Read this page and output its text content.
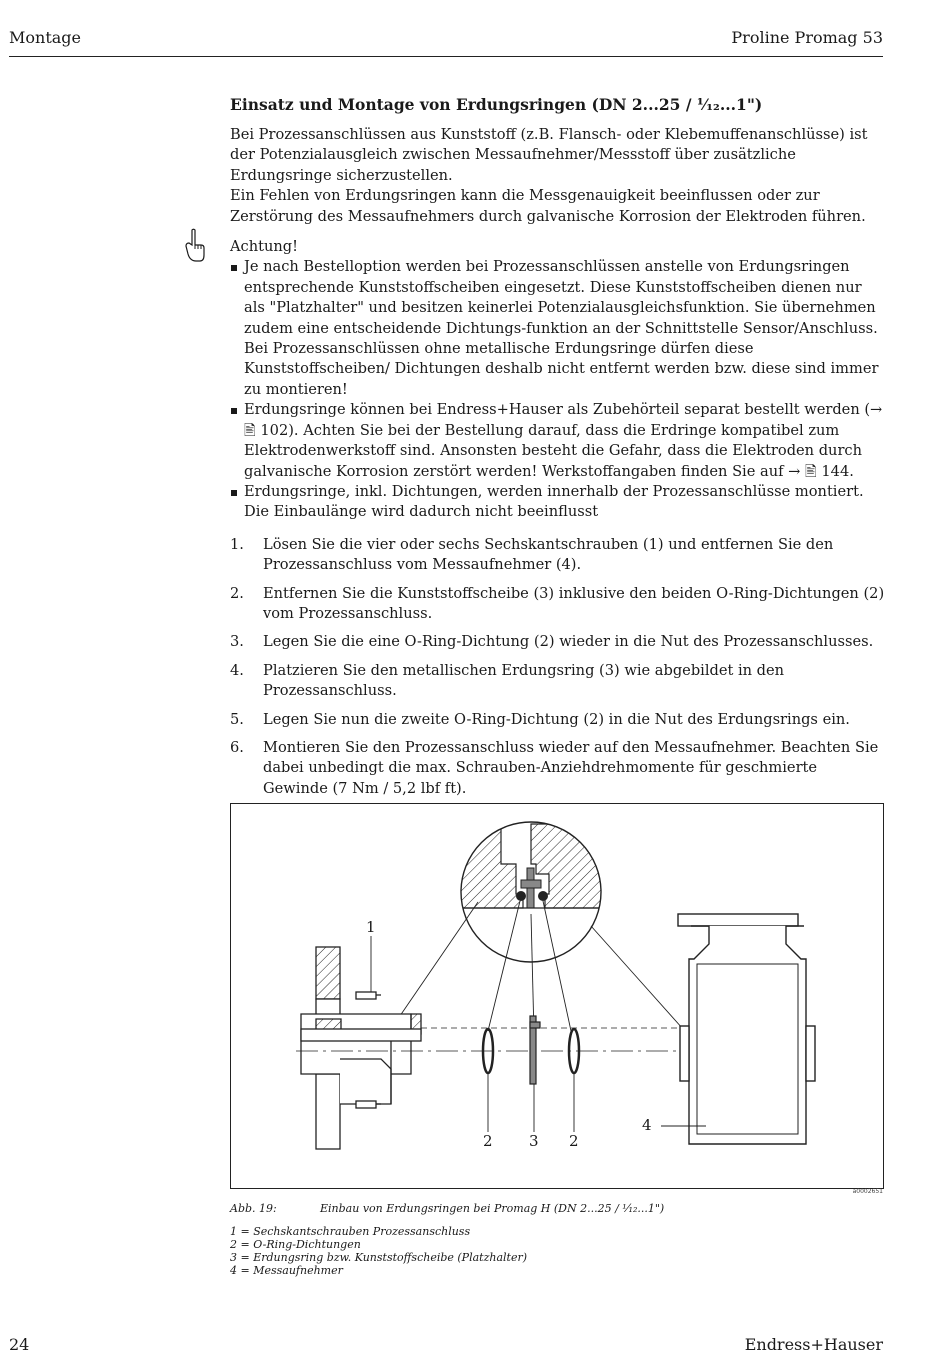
Montage	Proline Promag 53
Einsatz und Montage von Erdungsringen (DN 2...25 / ¹⁄₁₂...1")

Bei Prozessanschlüssen aus Kunststoff (z.B. Flansch- oder Klebemuffenanschlüsse) ist der Potenzialausgleich zwischen Messaufnehmer/Messstoff über zusätzliche Erdungsringe sicherzustellen.

Ein Fehlen von Erdungsringen kann die Messgenauigkeit beeinflussen oder zur Zerstörung des Messaufnehmers durch galvanische Korrosion der Elektroden führen.

Achtung!

Je nach Bestelloption werden bei Prozessanschlüssen anstelle von Erdungsringen entsprechende Kunststoffscheiben eingesetzt. Diese Kunststoffscheiben dienen nur als "Platzhalter" und besitzen keinerlei Potenzialausgleichsfunktion. Sie übernehmen zudem eine entscheidende Dichtungs-funktion an der Schnittstelle Sensor/Anschluss. Bei Prozessanschlüssen ohne metallische Erdungsringe dürfen diese Kunststoffscheiben/ Dichtungen deshalb nicht entfernt werden bzw. diese sind immer zu montieren!
Erdungsringe können bei Endress+Hauser als Zubehörteil separat bestellt werden (→ 🖹 102). Achten Sie bei der Bestellung darauf, dass die Erdringe kompatibel zum Elektrodenwerkstoff sind. Ansonsten besteht die Gefahr, dass die Elektroden durch galvanische Korrosion zerstört werden! Werkstoffangaben finden Sie auf → 🖹 144.
Erdungsringe, inkl. Dichtungen, werden innerhalb der Prozessanschlüsse montiert.

Die Einbaulänge wird dadurch nicht beeinflusst

1. Lösen Sie die vier oder sechs Sechskantschrauben (1) und entfernen Sie den Prozessanschluss vom Messaufnehmer (4).
2. Entfernen Sie die Kunststoffscheibe (3) inklusive den beiden O-Ring-Dichtungen (2) vom Prozessanschluss.
3. Legen Sie die eine O-Ring-Dichtung (2) wieder in die Nut des Prozessanschlusses.
4. Platzieren Sie den metallischen Erdungsring (3) wie abgebildet in den Prozessanschluss.
5. Legen Sie nun die zweite O-Ring-Dichtung (2) in die Nut des Erdungsrings ein.
6. Montieren Sie den Prozessanschluss wieder auf den Messaufnehmer. Beachten Sie dabei unbedingt die max. Schrauben-Anziehdrehmomente für geschmierte Gewinde (7 Nm / 5,2 lbf ft).
1
2 3 2
4
a0002651
Abb. 19:	Einbau von Erdungsringen bei Promag H (DN 2...25 / ¹⁄₁₂...1")
1 = Sechskantschrauben Prozessanschluss
2 = O-Ring-Dichtungen
3 = Erdungsring bzw. Kunststoffscheibe (Platzhalter)
4 = Messaufnehmer
24	Endress+Hauser
